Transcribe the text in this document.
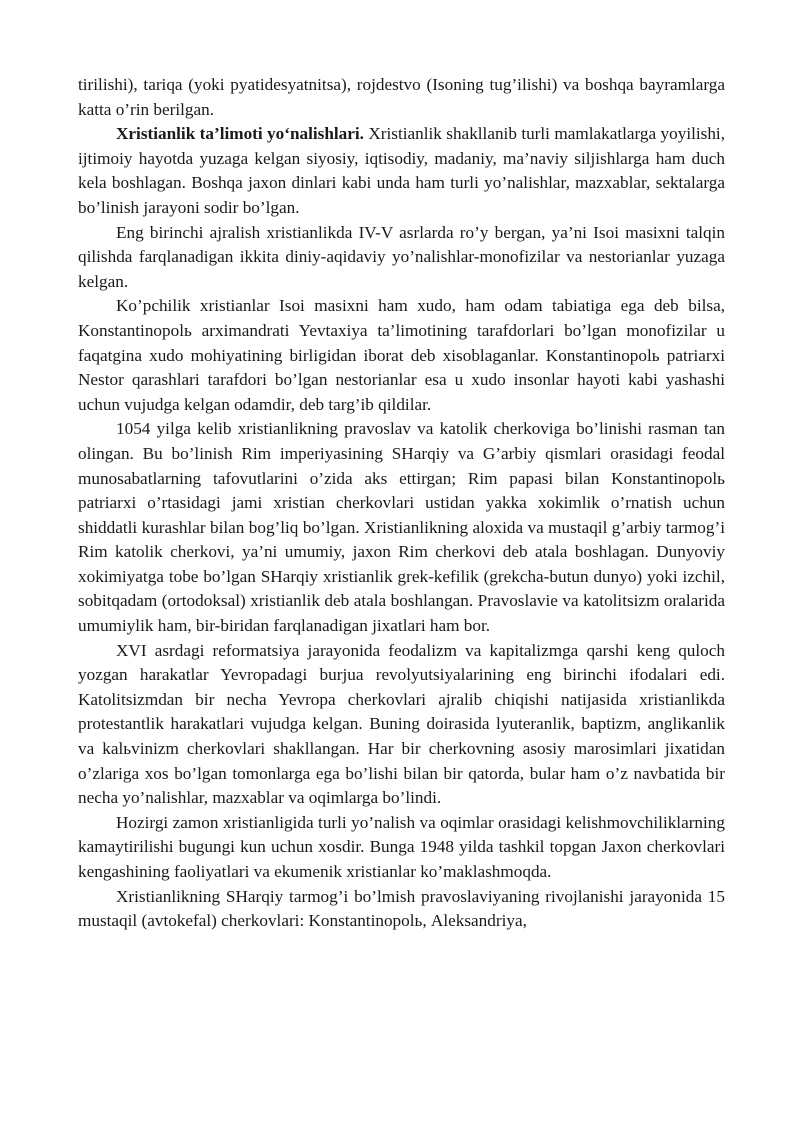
tirilishi), tariqa (yoki pyatidesyatnitsa), rojdestvo (Isoning tug’ilishi) va boshqa bayramlarga katta o’rin berilgan.

Xristianlik ta’limoti yo‘nalishlari. Xristianlik shakllanib turli mamlakatlarga yoyilishi, ijtimoiy hayotda yuzaga kelgan siyosiy, iqtisodiy, madaniy, ma’naviy siljishlarga ham duch kela boshlagan. Boshqa jaxon dinlari kabi unda ham turli yo’nalishlar, mazxablar, sektalarga bo’linish jarayoni sodir bo’lgan.

Eng birinchi ajralish xristianlikda IV-V asrlarda ro’y bergan, ya’ni Isoi masixni talqin qilishda farqlanadigan ikkita diniy-aqidaviy yo’nalishlar-monofizilar va nestorianlar yuzaga kelgan.

Ko’pchilik xristianlar Isoi masixni ham xudo, ham odam tabiatiga ega deb bilsa, Konstantinopolь arximandrati Yevtaxiya ta’limotining tarafdorlari bo’lgan monofizilar u faqatgina xudo mohiyatining birligidan iborat deb xisoblaganlar. Konstantinopolь patriarxi Nestor qarashlari tarafdori bo’lgan nestorianlar esa u xudo insonlar hayoti kabi yashashi uchun vujudga kelgan odamdir, deb targ’ib qildilar.

1054 yilga kelib xristianlikning pravoslav va katolik cherkoviga bo’linishi rasman tan olingan. Bu bo’linish Rim imperiyasining SHarqiy va G’arbiy qismlari orasidagi feodal munosabatlarning tafovutlarini o’zida aks ettirgan; Rim papasi bilan Konstantinopolь patriarxi o’rtasidagi jami xristian cherkovlari ustidan yakka xokimlik o’rnatish uchun shiddatli kurashlar bilan bog’liq bo’lgan. Xristianlikning aloxida va mustaqil g’arbiy tarmog’i Rim katolik cherkovi, ya’ni umumiy, jaxon Rim cherkovi deb atala boshlagan. Dunyoviy xokimiyatga tobe bo’lgan SHarqiy xristianlik grek-kefilik (grekcha-butun dunyo) yoki izchil, sobitqadam (ortodoksal) xristianlik deb atala boshlangan. Pravoslavie va katolitsizm oralarida umumiylik ham, bir-biridan farqlanadigan jixatlari ham bor.

XVI asrdagi reformatsiya jarayonida feodalizm va kapitalizmga qarshi keng quloch yozgan harakatlar Yevropadagi burjua revolyutsiyalarining eng birinchi ifodalari edi. Katolitsizmdan bir necha Yevropa cherkovlari ajralib chiqishi natijasida xristianlikda protestantlik harakatlari vujudga kelgan. Buning doirasida lyuteranlik, baptizm, anglikanlik va kalьvinizm cherkovlari shakllangan. Har bir cherkovning asosiy marosimlari jixatidan o’zlariga xos bo’lgan tomonlarga ega bo’lishi bilan bir qatorda, bular ham o’z navbatida bir necha yo’nalishlar, mazxablar va oqimlarga bo’lindi.

Hozirgi zamon xristianligida turli yo’nalish va oqimlar orasidagi kelishmovchiliklarning kamaytirilishi bugungi kun uchun xosdir. Bunga 1948 yilda tashkil topgan Jaxon cherkovlari kengashining faoliyatlari va ekumenik xristianlar ko’maklashmoqda.

Xristianlikning SHarqiy tarmog’i bo’lmish pravoslaviyaning rivojlanishi jarayonida 15 mustaqil (avtokefal) cherkovlari: Konstantinopolь, Aleksandriya,
